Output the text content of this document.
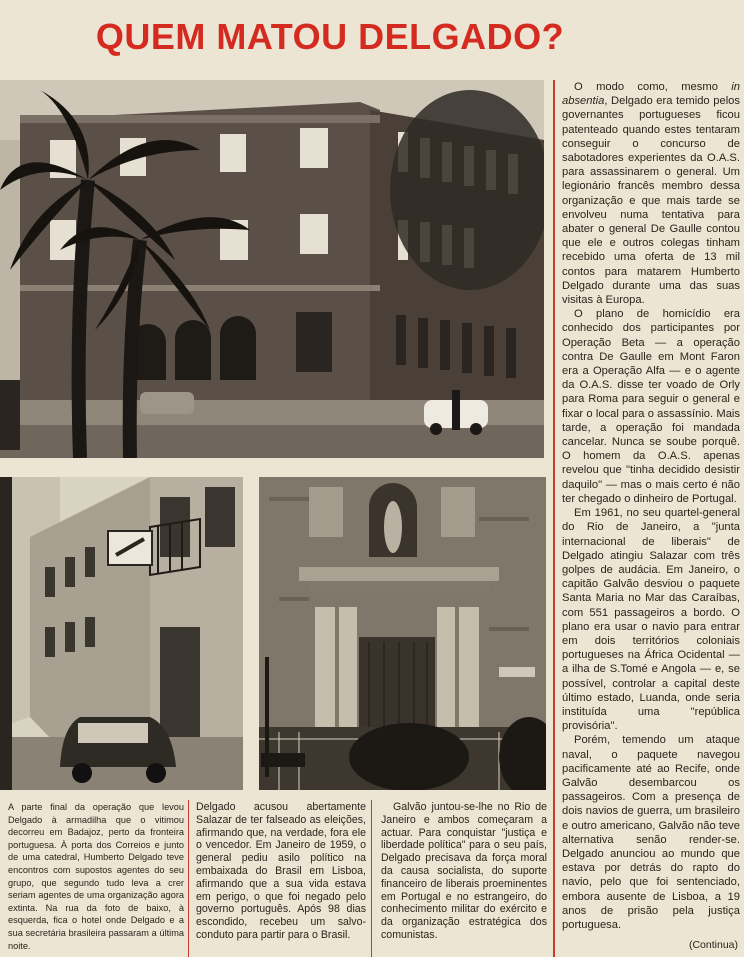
QUEM MATOU DELGADO?

O modo como, mesmo in absentia, Delgado era temido pelos governantes portugueses ficou patenteado quando estes tentaram conseguir o concurso de sabotadores experientes da O.A.S. para assassinarem o general. Um legionário francês membro dessa organização e que mais tarde se envolveu numa tentativa para abater o general De Gaulle contou que ele e outros colegas tinham recebido uma oferta de 13 mil contos para matarem Humberto Delgado durante uma das suas visitas à Europa.

O plano de homicídio era conhecido dos participantes por Operação Beta — a operação contra De Gaulle em Mont Faron era a Operação Alfa — e o agente da O.A.S. disse ter voado de Orly para Roma para seguir o general e fixar o local para o assassínio. Mais tarde, a operação foi mandada cancelar. Nunca se soube porquê. O homem da O.A.S. apenas revelou que "tinha decidido desistir daquilo" — mas o mais certo é não ter chegado o dinheiro de Portugal.

Em 1961, no seu quartel-general do Rio de Janeiro, a "junta internacional de liberais" de Delgado atingiu Salazar com três golpes de audácia. Em Janeiro, o capitão Galvão desviou o paquete Santa Maria no Mar das Caraíbas, com 551 passageiros a bordo. O plano era usar o navio para entrar em dois territórios coloniais portugueses na África Ocidental — a ilha de S.Tomé e Angola — e, se possível, controlar a capital deste último estado, Luanda, onde seria instituída uma "república provisória".

Porém, temendo um ataque naval, o paquete navegou pacificamente até ao Recife, onde Galvão desembarcou os passageiros. Com a presença de dois navios de guerra, um brasileiro e outro americano, Galvão não teve alternativa senão render-se. Delgado anunciou ao mundo que estava por detrás do rapto do navio, pelo que foi sentenciado, embora ausente de Lisboa, a 19 anos de prisão pela justiça portuguesa.

A parte final da operação que levou Delgado à armadilha que o vitimou decorreu em Badajoz, perto da fronteira portuguesa. À porta dos Correios e junto de uma catedral, Humberto Delgado teve encontros com supostos agentes do seu grupo, que segundo tudo leva a crer seriam agentes de uma organização agora extinta. Na rua da foto de baixo, à esquerda, fica o hotel onde Delgado e a sua secretária brasileira passaram a última noite.

Delgado acusou abertamente Salazar de ter falseado as eleições, afirmando que, na verdade, fora ele o vencedor. Em Janeiro de 1959, o general pediu asilo político na embaixada do Brasil em Lisboa, afirmando que a sua vida estava em perigo, o que foi negado pelo governo português. Após 98 dias escondido, recebeu um salvo-conduto para partir para o Brasil.

Galvão juntou-se-lhe no Rio de Janeiro e ambos começaram a actuar. Para conquistar "justiça e liberdade política" para o seu país, Delgado precisava da força moral da causa socialista, do suporte financeiro de liberais proeminentes em Portugal e no estrangeiro, do conhecimento militar do exército e da organização estratégica dos comunistas.

(Continua)
